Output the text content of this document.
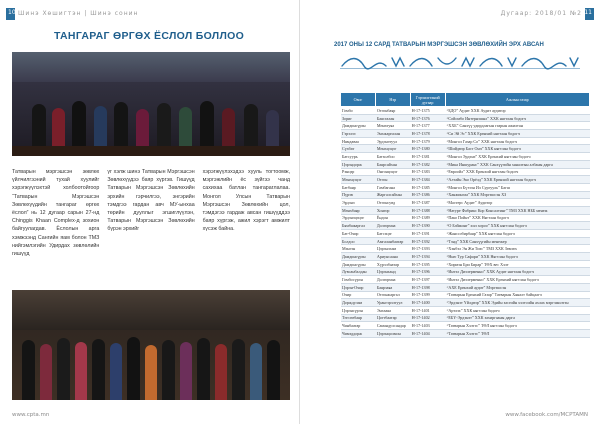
10 Шинэ Хөшигтэн | Шинэ сонин
ТАНГАРАГ ӨРГӨХ ЁСЛОЛ БОЛЛОО

Татварын мэргэшсэн зөвлөх үйлчилгээний тухай хуулийг хэрэгжүүлэхтэй холбоотойгоор “Татварын Мэргэшсэн Зөвлөхүүдийн тангараг өргөх ёслол” нь 12 дугаар сарын 27-нд Chinggis Khaan Complex-д зохион байгуулагдав. Ёслолын арга хэмжээнд Сангийн яам болон ТМЗ нийгэмлэгийн Удирдах зөвлөлийн гишүүд

үг хэлж шинэ Татварын Мэргэшсэн Зөвлөхүүдээ баяр хүргэв. Гишүүд Татварын Мэргэшсэн Зөвлөхийн эрхийн гэрчилгээ, энгэрийн тэмдгээ гардан авч МУ-ынхаа төрийн дууллыг эгшиглүүлэн, Татварын Мэргэшсэн Зөвлөхийн бүрэн эрхийг

хэрэгжүүлэхэдээ хууль тогтоомж, мэргэжлийн ёс зүйгээ чанд сахихаа батлан тангараглалаа. Монгол Улсын Татварын Мэргэшсэн Зөвлөхийн цол, тэмдэгээ гардаж авсан гишүүддээ баяр хүргэж, ажил хэрэгт амжилт хүсэж байна.

www.cpta.mn
11
Дугаар: 2018/01 №2
2017 ОНЫ 12 САРД ТАТВАРЫН МЭРГЭШСЭН ЗӨВЛӨХИЙН ЭРХ АВСАН
Овог	Нэр	Гэрчилгээний дугаар	Ажлын газар
Гомбо	Отгонбаяр	Н-17-1375	“БДО” Аудит ХХК Аудит аудитор
Зориг	Баясгалан	Н-17-1376	“Сойомбо Интернэшнл” ХХК нягтлан бодогч
Дамдинсүрэн	Мөнхтуяа	Н-17-1377	“ХХБ” Санхүү удирдлагын газрын ажилтан
Гэрэлээ	Энхжаргалан	Н-17-1378	“Си Эй Эс” ХХК Ерөнхий нягтлан бодогч
Нямдаваа	Эрдэнэтуул	Н-17-1379	“Монгол Газар Со” ХХК нягтлан бодогч
Сүхбат	Мөнхцэцэг	Н-17-1380	“Шийдвэр Баст Онч” ХХК нягтлан бодогч
Батсуурь	Батзолбоо	Н-17-1381	“Монгол Эрдэнэ” ХХК Ерөнхий нягтлан бодогч
Цэрэндорж	Баярсайхан	Н-17-1382	“Мика Иншуранс” ХХК Санхүүгийн хяналтын албаны дарга
Рэнцэр	Онгонцэцэг	Н-17-1383	“Евроойл” ХХК Ерөнхий нягтлан бодогч
Мөнхцэцэг	Отгон	Н-17-1384	“Алтайн Эко Орёлд” ХХК Ерөнхий нягтлан бодогч
Батбаяр	Гамбагана	Н-17-1385	“Монгол Бүтээн Ил Сургууль” Багш
Пүрэв	Жаргалсайхан	Н-17-1386	“Ханжингаа” ХХК Мэргэшсэн ХЗ
Эрдэнэ	Отгонсувд	Н-17-1387	“Мастерс Аудит” Аудитор
Мөнхбаяр	Хонгор	Н-17-1388	“Натуре Фабрикс Кор Консалтинг” ТМЗ ХХК НББ менеж
Эрдэнэцэцэг	Ёндон	Н-17-1389	“Пако Пойнт” ХХК Нягтлан бодогч
Бямбажаргал	Долгормаа	Н-17-1390	“О Бэйжинг” хил хороо” ХХК нягтлан бодогч
Бат-Очир	Батсэцэг	Н-17-1391	“Жанссобирбаяр” ХХК нягтлан бодогч
Болдоо	Амгаланбаатар	Н-17-1392	“Тэнд” ХХК Санхүүгийн менежер
Мэнгэн	Цэрэнлхам	Н-17-1393	“Хэнбэл Эн Жи Тиэс” ТМЗ ХХК Зөвлөх
Дамдинсүрэн	Ариунсаана	Н-17-1394	“Нью Тур Сафари” ХХК Нягтлан бодогч
Дамдинсүрэн	Хүрэлбаатар	Н-17-1395	“Хирмэн Бри Бирар” ТӨХ вес Хэлт
Лувсанбалдан	Цэрэнханд	Н-17-1396	“Интэл Диэлерменно” ХХК Аудит нягтлан бодогч
Гомбосүрэн	Долгормаа	Н-17-1397	“Интэл Диэлерменно” ХХК Ерөнхий нягтлан бодогч
Цэрэн-Очир	Баярзаяа	Н-17-1398	“АХЕ Ерөнхий аудит” Мэргэшсэн
Очир	Отгонжаргал	Н-17-1399	“Татварын Ерөнхий Газар” Татварын Хяналт байцаагч
Дорждулам	Урангэрэлтуул	Н-17-1400	“Эрдэнэт Үйлдвэр” ХХК Эдийн засгийн хэлтсийн ахлах мэргэжилтэн
Цэрэнсүрэн	Энхзаяа	Н-17-1401	“Артлэх” ХХК нягтлан бодогч
Төгсөөбаяр	Цогтбаатар	Н-17-1402	“ЕБҮ-Эрдэнэт” ХХК захиргааны дарга
Чинбаатар	Самандулсандар	Н-17-1403	“Татварын Хэлтэс” ТӨЛ нягтлан бодогч
Чимэддорж	Цэрэнцолмон	Н-17-1404	“Татварын Хэлтэс” ТӨЛ
www.facebook.com/MCPTAMN
